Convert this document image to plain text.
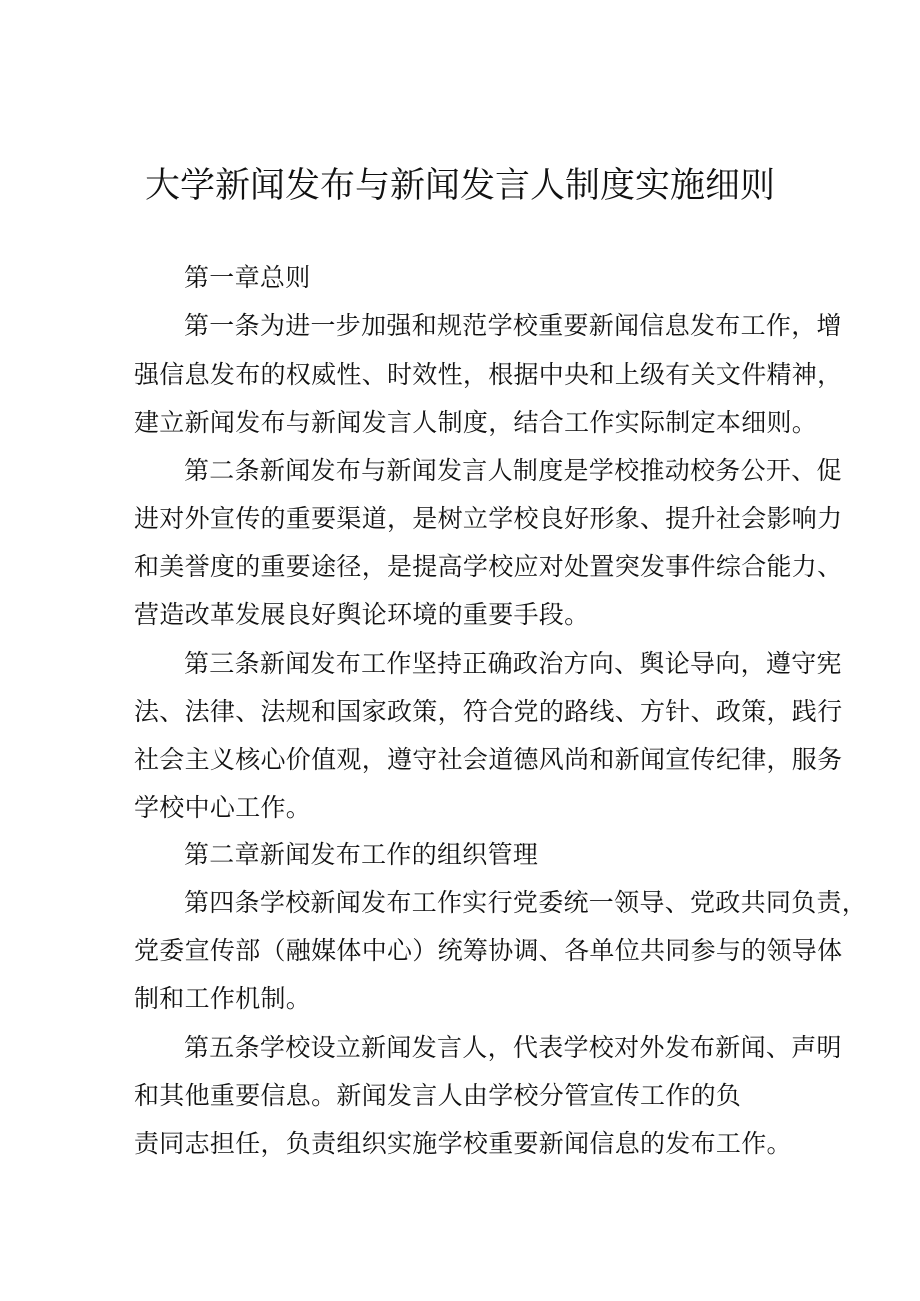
大学新闻发布与新闻发言人制度实施细则
第一章总则
第一条为进一步加强和规范学校重要新闻信息发布工作，增
强信息发布的权威性、时效性，根据中央和上级有关文件精神，
建立新闻发布与新闻发言人制度，结合工作实际制定本细则。
第二条新闻发布与新闻发言人制度是学校推动校务公开、促
进对外宣传的重要渠道，是树立学校良好形象、提升社会影响力
和美誉度的重要途径，是提高学校应对处置突发事件综合能力、
营造改革发展良好舆论环境的重要手段。
第三条新闻发布工作坚持正确政治方向、舆论导向，遵守宪
法、法律、法规和国家政策，符合党的路线、方针、政策，践行
社会主义核心价值观，遵守社会道德风尚和新闻宣传纪律，服务
学校中心工作。
第二章新闻发布工作的组织管理
第四条学校新闻发布工作实行党委统一领导、党政共同负责，
党委宣传部（融媒体中心）统筹协调、各单位共同参与的领导体
制和工作机制。
第五条学校设立新闻发言人，代表学校对外发布新闻、声明
和其他重要信息。新闻发言人由学校分管宣传工作的负
责同志担任，负责组织实施学校重要新闻信息的发布工作。
